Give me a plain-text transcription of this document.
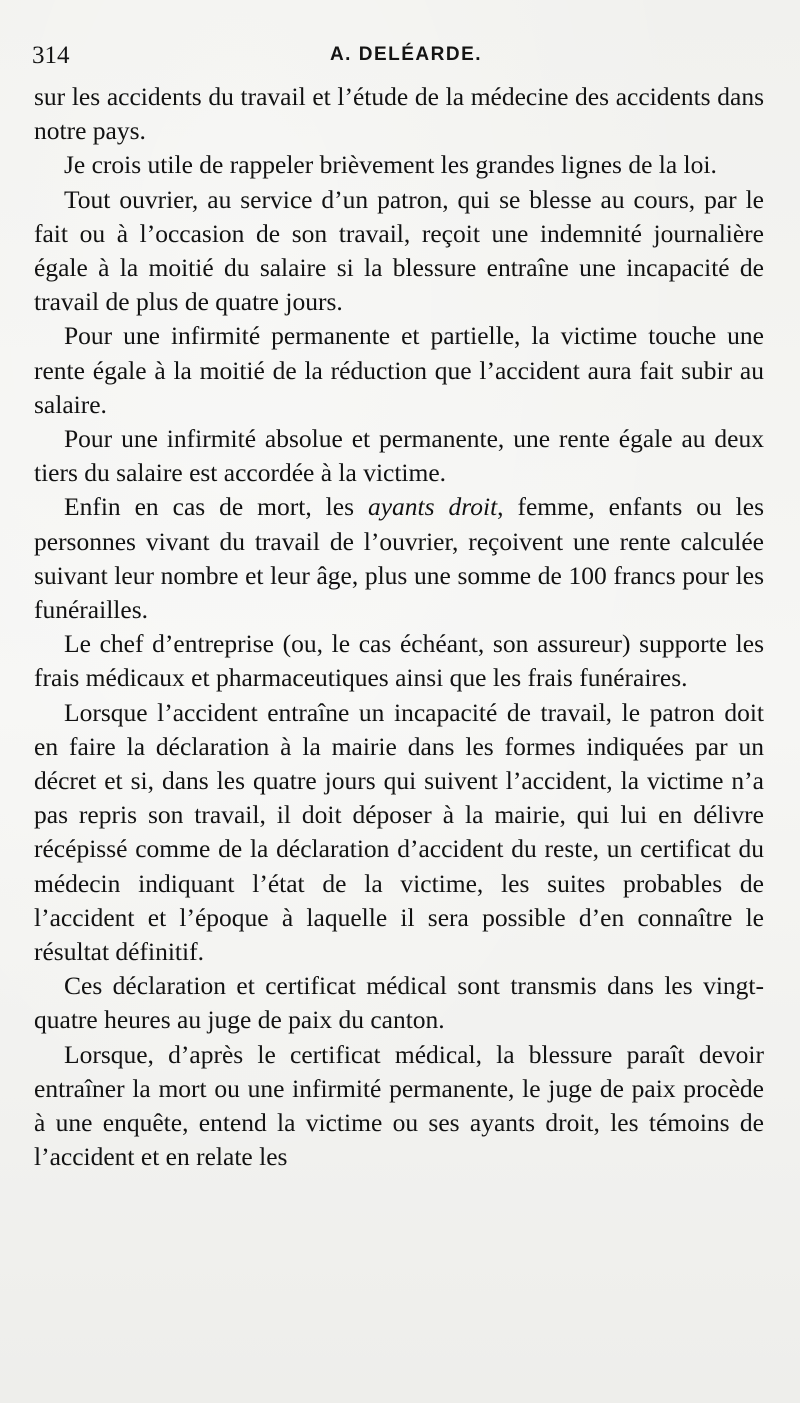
314	A. DELÉARDE.

sur les accidents du travail et l’étude de la médecine des accidents dans notre pays.

Je crois utile de rappeler brièvement les grandes lignes de la loi.

Tout ouvrier, au service d’un patron, qui se blesse au cours, par le fait ou à l’occasion de son travail, reçoit une indemnité journalière égale à la moitié du salaire si la blessure entraîne une incapacité de travail de plus de quatre jours.

Pour une infirmité permanente et partielle, la victime touche une rente égale à la moitié de la réduction que l’accident aura fait subir au salaire.

Pour une infirmité absolue et permanente, une rente égale au deux tiers du salaire est accordée à la victime.

Enfin en cas de mort, les ayants droit, femme, enfants ou les personnes vivant du travail de l’ouvrier, reçoivent une rente calculée suivant leur nombre et leur âge, plus une somme de 100 francs pour les funérailles.

Le chef d’entreprise (ou, le cas échéant, son assureur) supporte les frais médicaux et pharmaceutiques ainsi que les frais funéraires.

Lorsque l’accident entraîne un incapacité de travail, le patron doit en faire la déclaration à la mairie dans les formes indiquées par un décret et si, dans les quatre jours qui suivent l’accident, la victime n’a pas repris son travail, il doit déposer à la mairie, qui lui en délivre récépissé comme de la déclaration d’accident du reste, un certificat du médecin indiquant l’état de la victime, les suites probables de l’accident et l’époque à laquelle il sera possible d’en connaître le résultat définitif.

Ces déclaration et certificat médical sont transmis dans les vingt-quatre heures au juge de paix du canton.

Lorsque, d’après le certificat médical, la blessure paraît devoir entraîner la mort ou une infirmité permanente, le juge de paix procède à une enquête, entend la victime ou ses ayants droit, les témoins de l’accident et en relate les
